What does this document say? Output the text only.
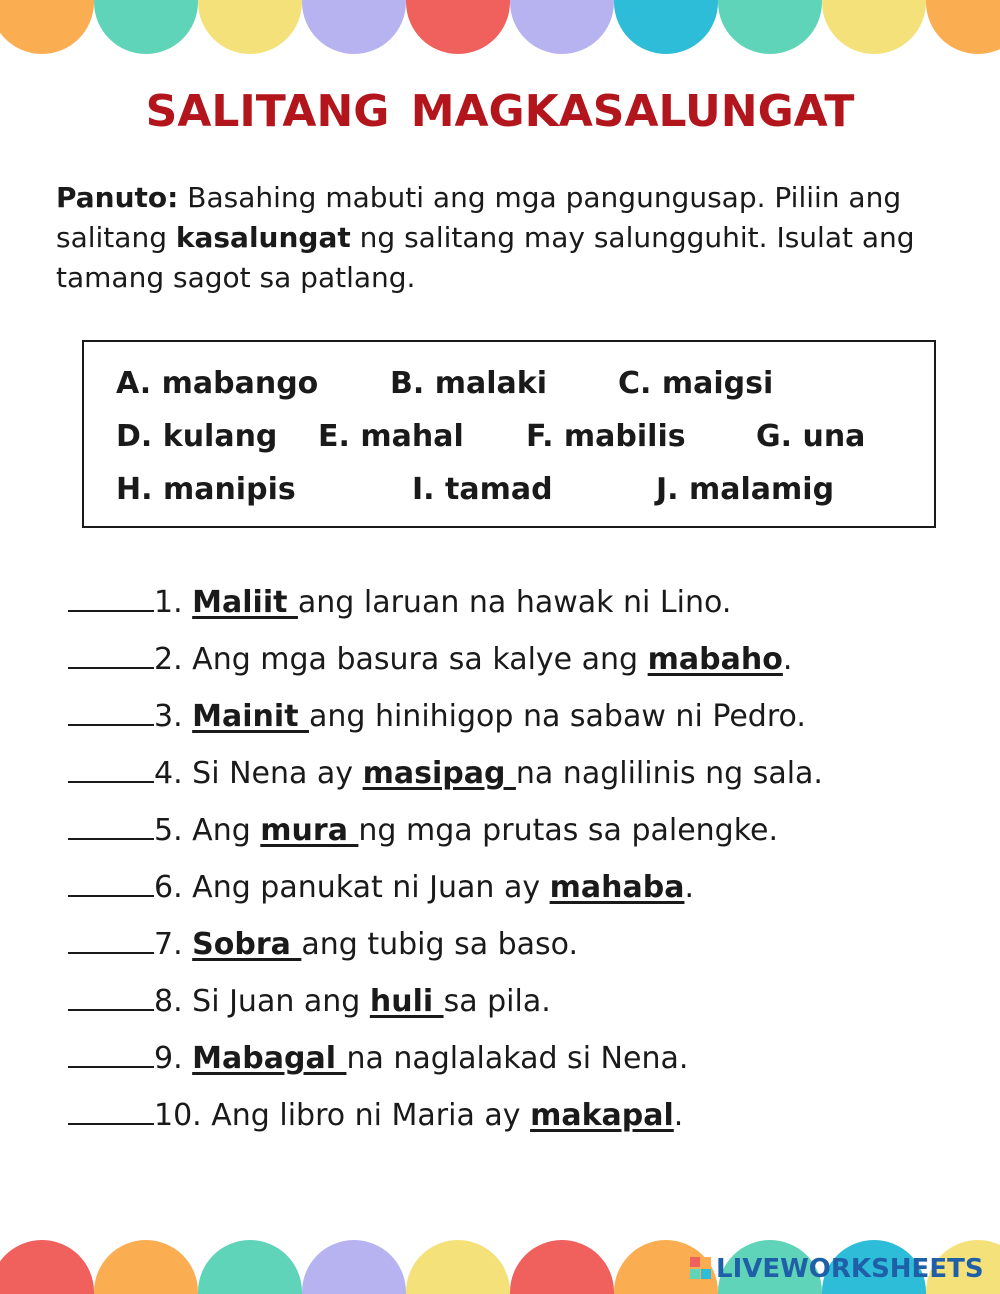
SALITANG MAGKASALUNGAT

Panuto: Basahing mabuti ang mga pangungusap. Piliin ang salitang kasalungat ng salitang may salungguhit. Isulat ang tamang sagot sa patlang.

A. mabango B. malaki C. maigsi
D. kulang E. mahal F. mabilis G. una
H. manipis	I. tamad	J. malamig
1. Maliit ang laruan na hawak ni Lino.
2. Ang mga basura sa kalye ang mabaho.
3. Mainit ang hinihigop na sabaw ni Pedro.
4. Si Nena ay masipag na naglilinis ng sala.
5. Ang mura ng mga prutas sa palengke.
6. Ang panukat ni Juan ay mahaba.
7. Sobra ang tubig sa baso.
8. Si Juan ang huli sa pila.
9. Mabagal na naglalakad si Nena.
10. Ang libro ni Maria ay makapal.
LIVEWORKSHEETS
